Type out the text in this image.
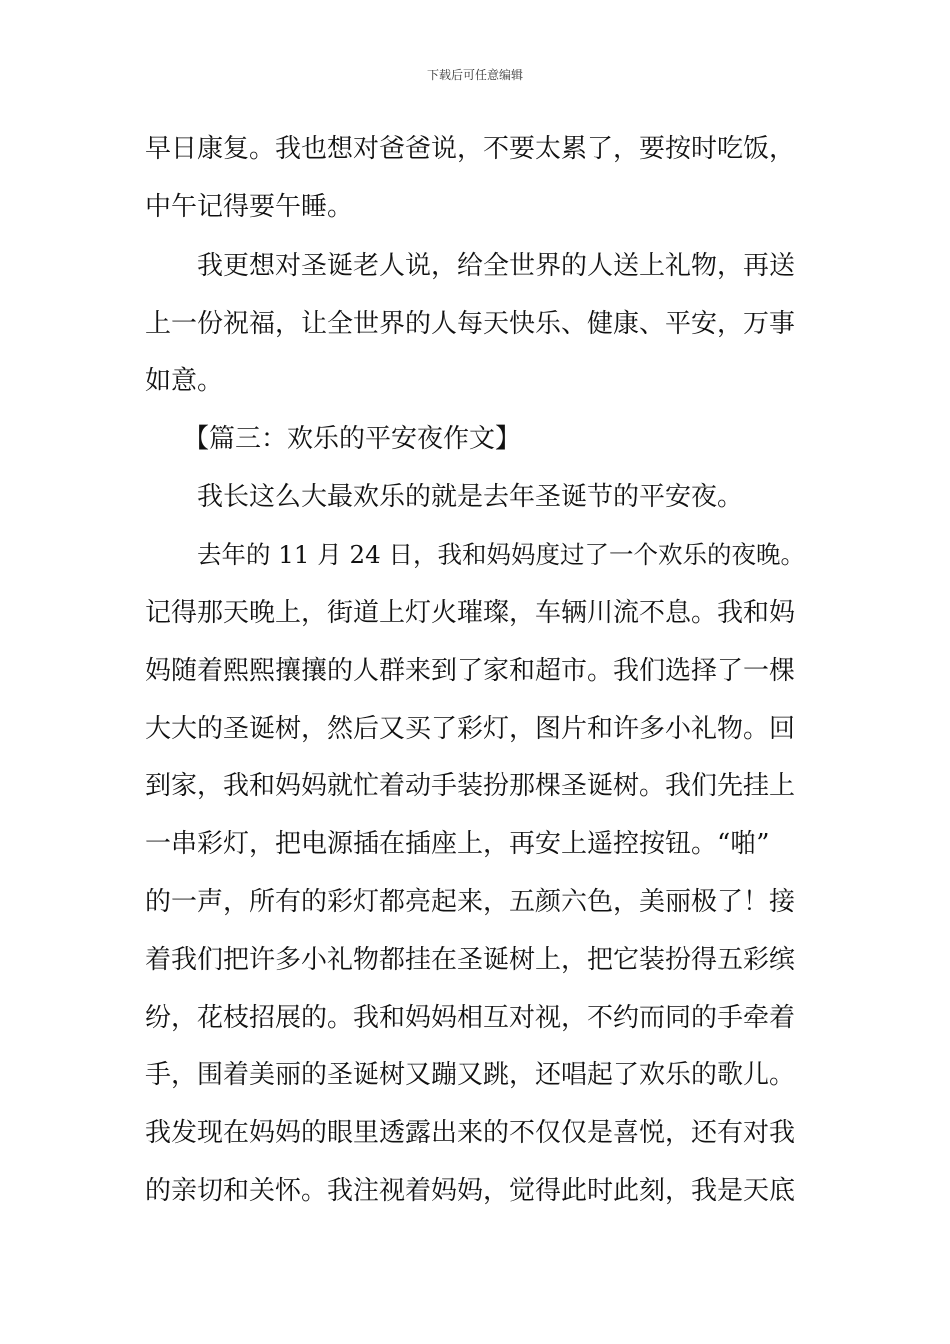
下载后可任意编辑
早日康复。我也想对爸爸说，不要太累了，要按时吃饭，
中午记得要午睡。
我更想对圣诞老人说，给全世界的人送上礼物，再送
上一份祝福，让全世界的人每天快乐、健康、平安，万事
如意。
【篇三：欢乐的平安夜作文】
我长这么大最欢乐的就是去年圣诞节的平安夜。
去年的 11 月 24 日，我和妈妈度过了一个欢乐的夜晚。
记得那天晚上，街道上灯火璀璨，车辆川流不息。我和妈
妈随着熙熙攘攘的人群来到了家和超市。我们选择了一棵
大大的圣诞树，然后又买了彩灯，图片和许多小礼物。回
到家，我和妈妈就忙着动手装扮那棵圣诞树。我们先挂上
一串彩灯，把电源插在插座上，再安上遥控按钮。“啪”
的一声，所有的彩灯都亮起来，五颜六色，美丽极了！接
着我们把许多小礼物都挂在圣诞树上，把它装扮得五彩缤
纷，花枝招展的。我和妈妈相互对视，不约而同的手牵着
手，围着美丽的圣诞树又蹦又跳，还唱起了欢乐的歌儿。
我发现在妈妈的眼里透露出来的不仅仅是喜悦，还有对我
的亲切和关怀。我注视着妈妈，觉得此时此刻，我是天底
